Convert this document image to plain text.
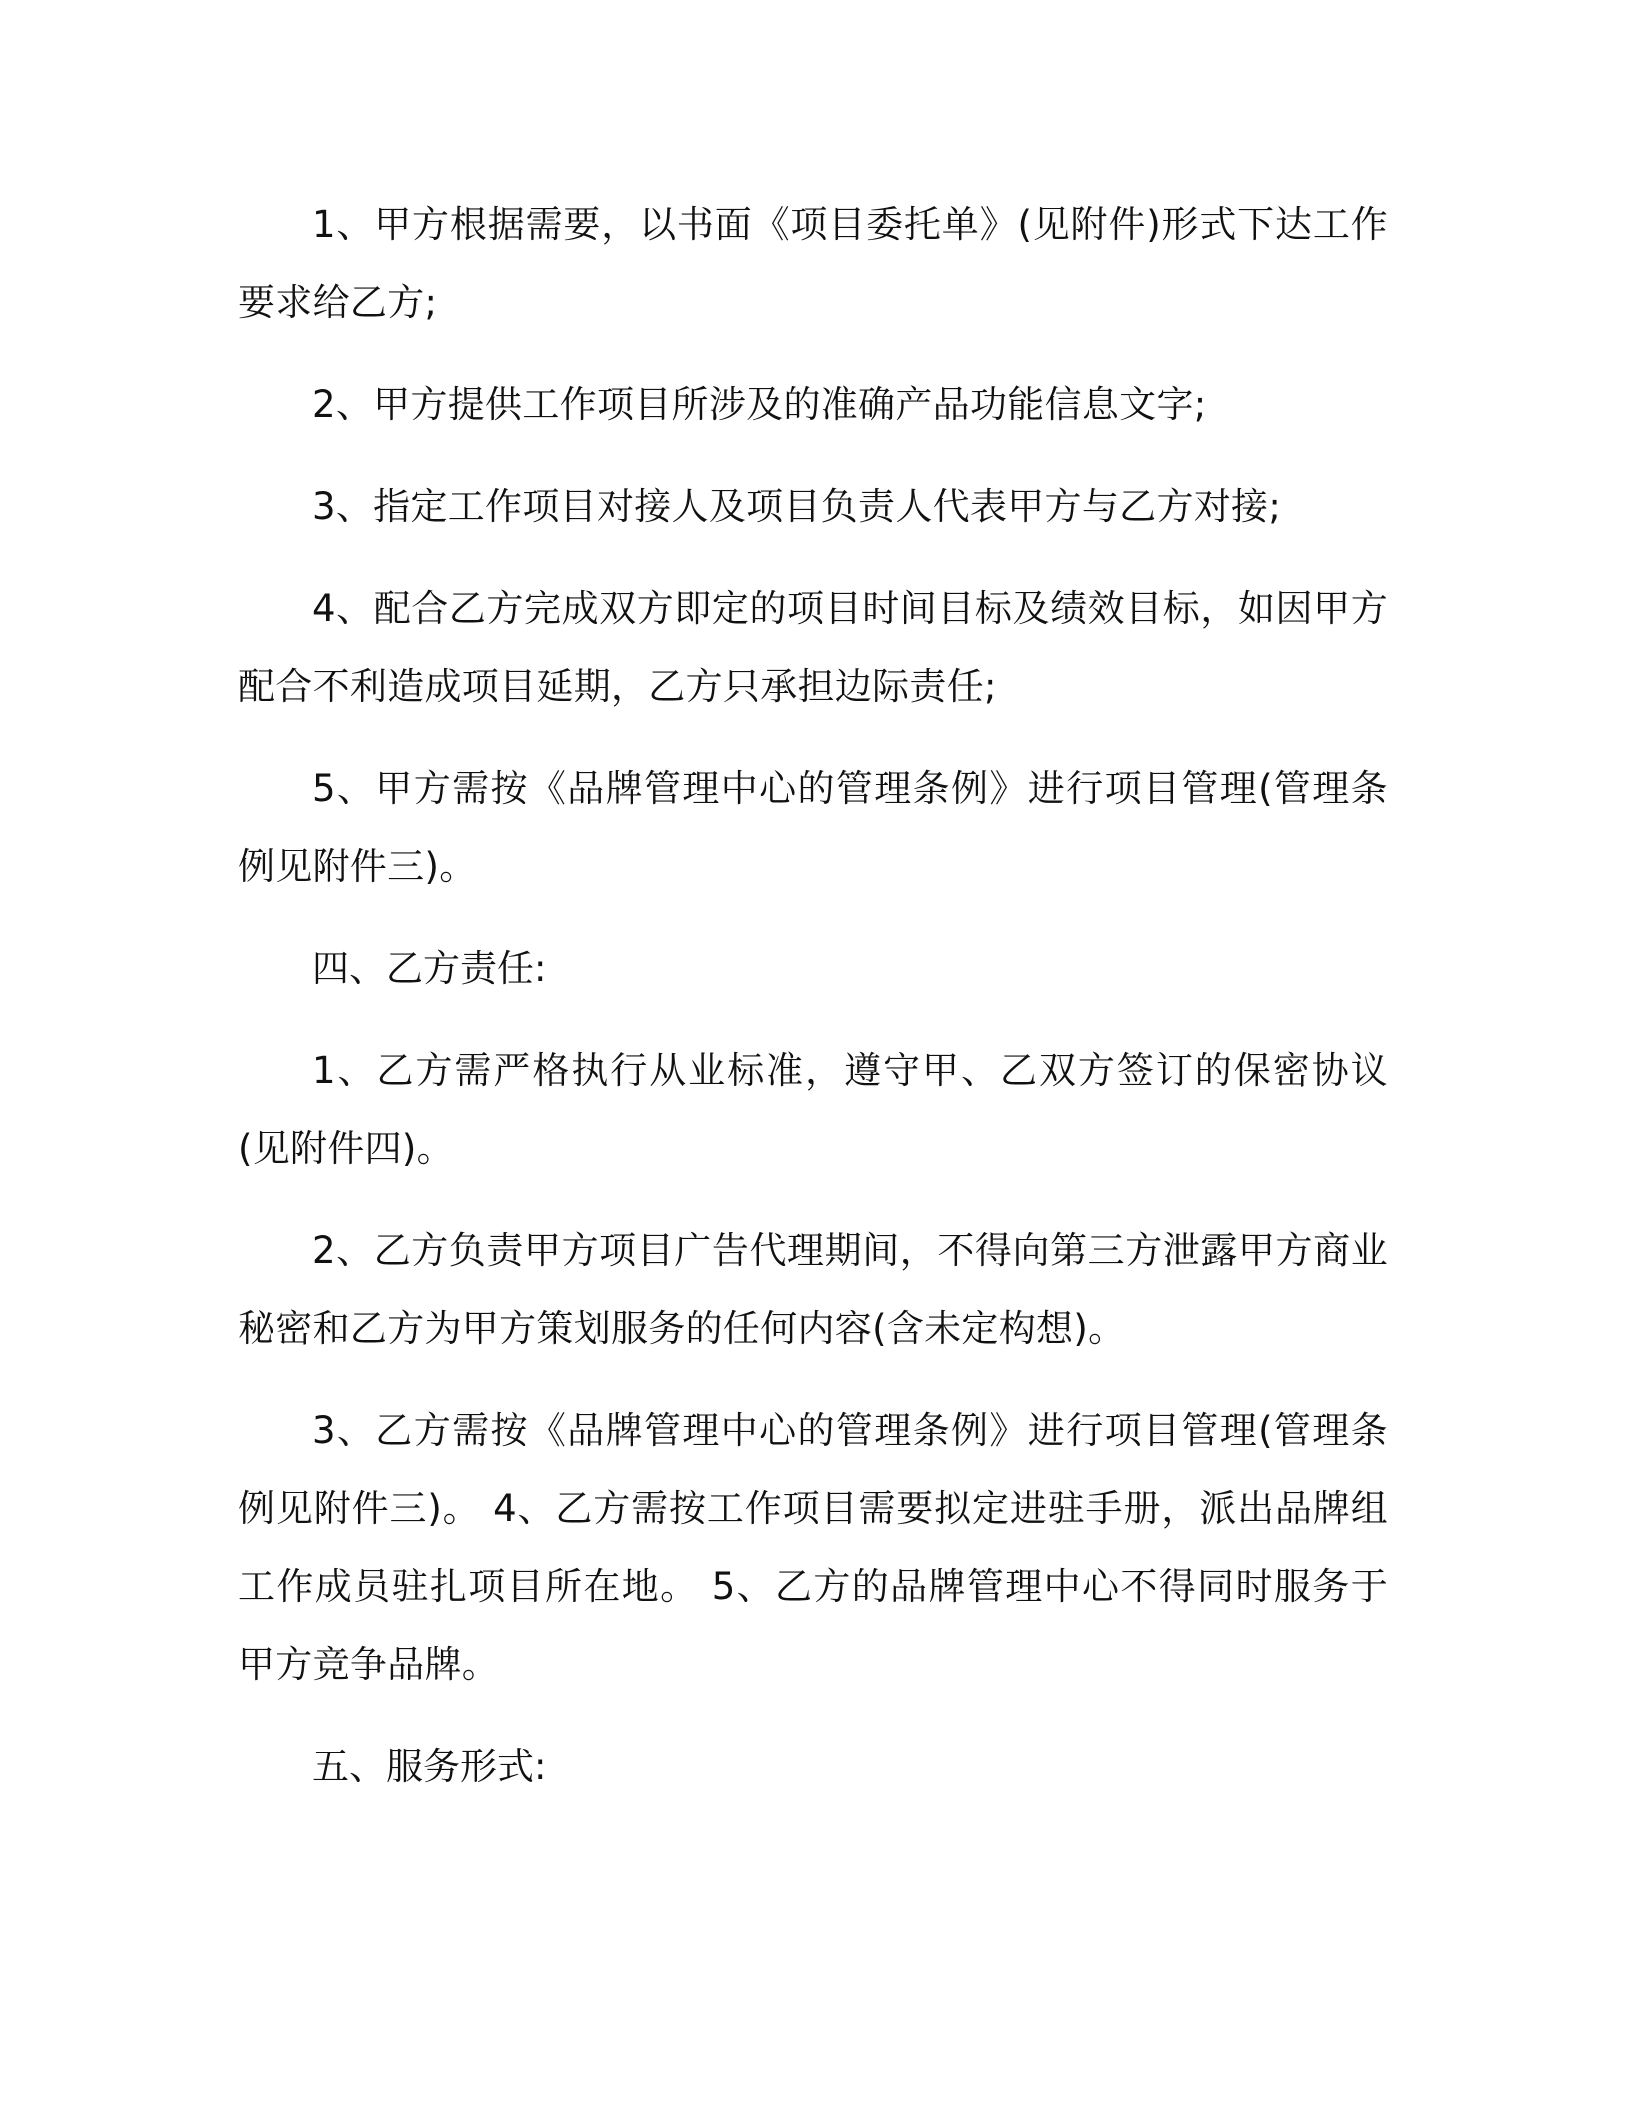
1、甲方根据需要，以书面《项目委托单》(见附件)形式下达工作要求给乙方;

2、甲方提供工作项目所涉及的准确产品功能信息文字;

3、指定工作项目对接人及项目负责人代表甲方与乙方对接;

4、配合乙方完成双方即定的项目时间目标及绩效目标，如因甲方配合不利造成项目延期，乙方只承担边际责任;

5、甲方需按《品牌管理中心的管理条例》进行项目管理(管理条例见附件三)。

四、乙方责任:

1、乙方需严格执行从业标准，遵守甲、乙双方签订的保密协议(见附件四)。

2、乙方负责甲方项目广告代理期间，不得向第三方泄露甲方商业秘密和乙方为甲方策划服务的任何内容(含未定构想)。

3、乙方需按《品牌管理中心的管理条例》进行项目管理(管理条例见附件三)。 4、乙方需按工作项目需要拟定进驻手册，派出品牌组工作成员驻扎项目所在地。 5、乙方的品牌管理中心不得同时服务于甲方竞争品牌。

五、服务形式:
